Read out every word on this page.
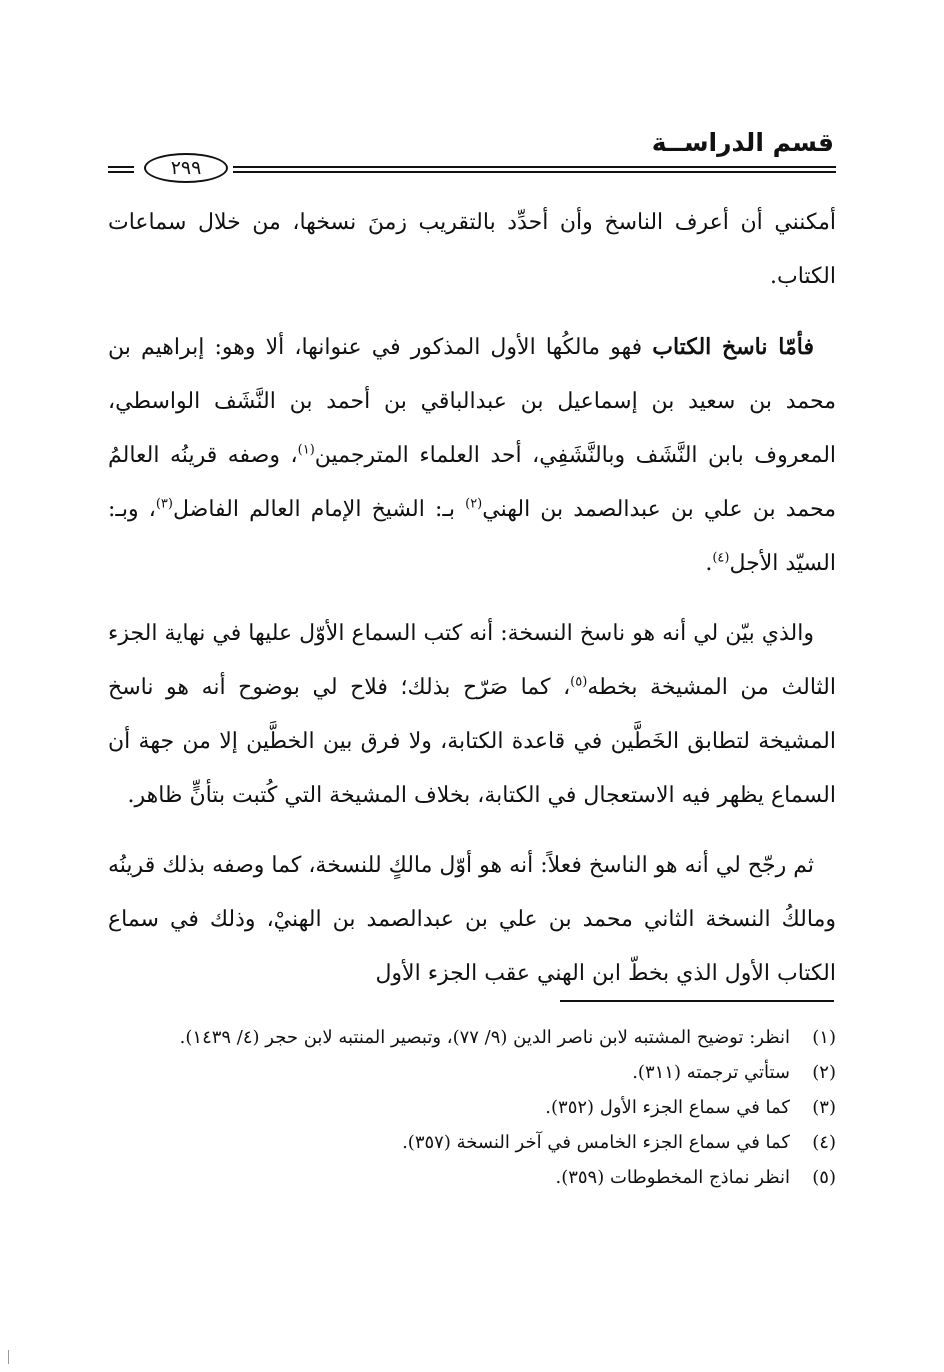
قسم الدراســة
٢٩٩

أمكنني أن أعرف الناسخ وأن أحدِّد بالتقريب زمنَ نسخها، من خلال سماعات الكتاب.

فأمّا ناسخ الكتاب فهو مالكُها الأول المذكور في عنوانها، ألا وهو: إبراهيم بن محمد بن سعيد بن إسماعيل بن عبدالباقي بن أحمد بن النَّشَف الواسطي، المعروف بابن النَّشَف وبالنَّشَفِي، أحد العلماء المترجمين$^{(١)}$، وصفه قرينُه العالمُ محمد بن علي بن عبدالصمد بن الهني$^{(٢)}$ بـ: الشيخ الإمام العالم الفاضل$^{(٣)}$، وبـ: السيّد الأجل$^{(٤)}$.

والذي بيّن لي أنه هو ناسخ النسخة: أنه كتب السماع الأوّل عليها في نهاية الجزء الثالث من المشيخة بخطه$^{(٥)}$، كما صَرّح بذلك؛ فلاح لي بوضوح أنه هو ناسخ المشيخة لتطابق الخَطَّين في قاعدة الكتابة، ولا فرق بين الخطَّين إلا من جهة أن السماع يظهر فيه الاستعجال في الكتابة، بخلاف المشيخة التي كُتبت بتأنٍّ ظاهر.

ثم رجّح لي أنه هو الناسخ فعلاً: أنه هو أوّل مالكٍ للنسخة، كما وصفه بذلك قرينُه ومالكُ النسخة الثاني محمد بن علي بن عبدالصمد بن الهنيْ، وذلك في سماع الكتاب الأول الذي بخطّ ابن الهني عقب الجزء الأول

(١)
انظر: توضيح المشتبه لابن ناصر الدين (٩/ ٧٧)، وتبصير المنتبه لابن حجر (٤/ ١٤٣٩).
(٢)
ستأتي ترجمته (٣١١).
(٣)
كما في سماع الجزء الأول (٣٥٢).
(٤)
كما في سماع الجزء الخامس في آخر النسخة (٣٥٧).
(٥)
انظر نماذج المخطوطات (٣٥٩).
